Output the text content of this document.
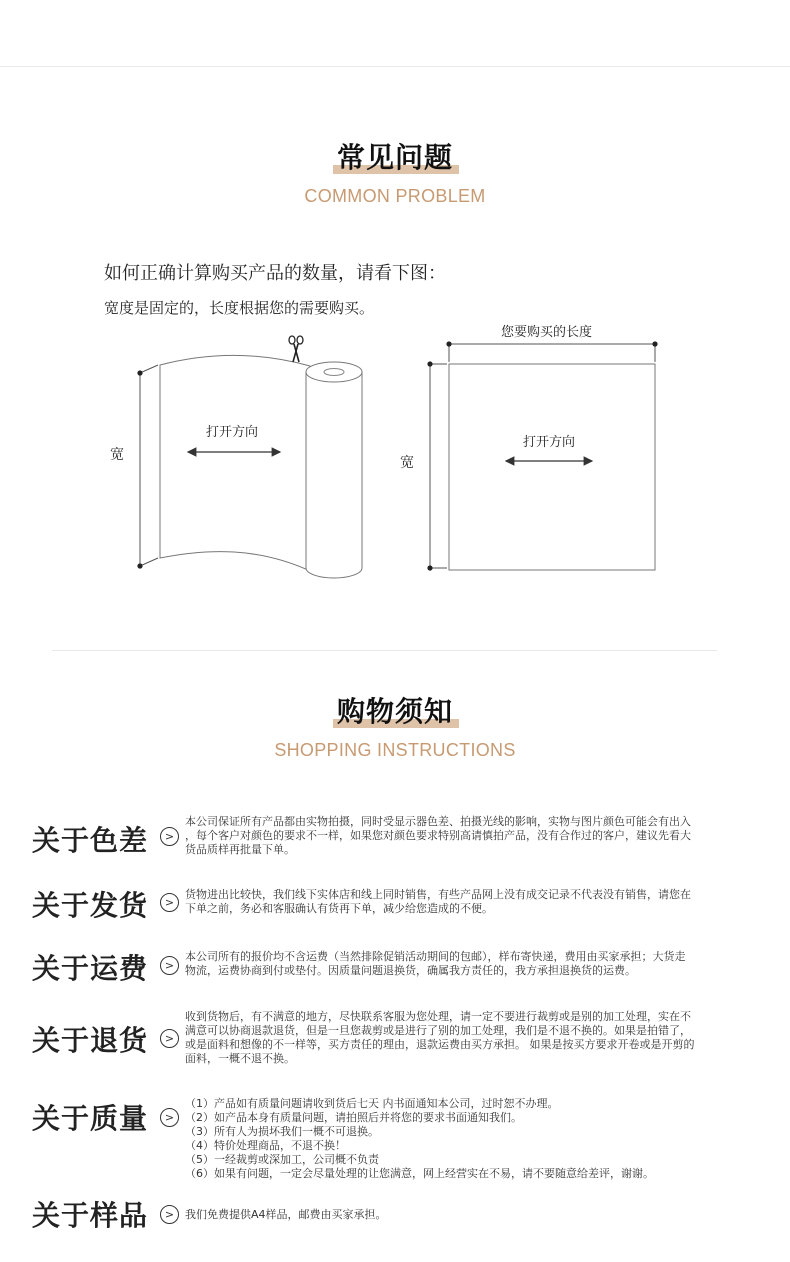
常见问题
COMMON PROBLEM
如何正确计算购买产品的数量，请看下图：
宽度是固定的，长度根据您的需要购买。
宽
打开方向
您要购买的长度
宽
打开方向
购物须知
SHOPPING INSTRUCTIONS
关于色差	>
本公司保证所有产品都由实物拍摄，同时受显示器色差、拍摄光线的影响，实物与图片颜色可能会有出入
，每个客户对颜色的要求不一样，如果您对颜色要求特别高请慎拍产品，没有合作过的客户，建议先看大
货品质样再批量下单。
关于发货	>
货物进出比较快，我们线下实体店和线上同时销售，有些产品网上没有成交记录不代表没有销售，请您在
下单之前，务必和客服确认有货再下单，减少给您造成的不便。
关于运费	>
本公司所有的报价均不含运费（当然排除促销活动期间的包邮），样布寄快递，费用由买家承担；大货走
物流，运费协商到付或垫付。因质量问题退换货，确属我方责任的，我方承担退换货的运费。
关于退货	>
收到货物后，有不满意的地方，尽快联系客服为您处理，请一定不要进行裁剪或是别的加工处理，实在不
满意可以协商退款退货，但是一旦您裁剪或是进行了别的加工处理，我们是不退不换的。如果是拍错了，
或是面料和想像的不一样等，买方责任的理由，退款运费由买方承担。 如果是按买方要求开卷或是开剪的
面料，一概不退不换。
关于质量	>
（1）产品如有质量问题请收到货后七天 内书面通知本公司，过时恕不办理。
（2）如产品本身有质量问题，请拍照后并将您的要求书面通知我们。
（3）所有人为损坏我们一概不可退换。
（4）特价处理商品，不退不换！
（5）一经裁剪或深加工，公司概不负责
（6）如果有问题，一定会尽量处理的让您满意，网上经营实在不易，请不要随意给差评，谢谢。
关于样品	> 我们免费提供A4样品，邮费由买家承担。
